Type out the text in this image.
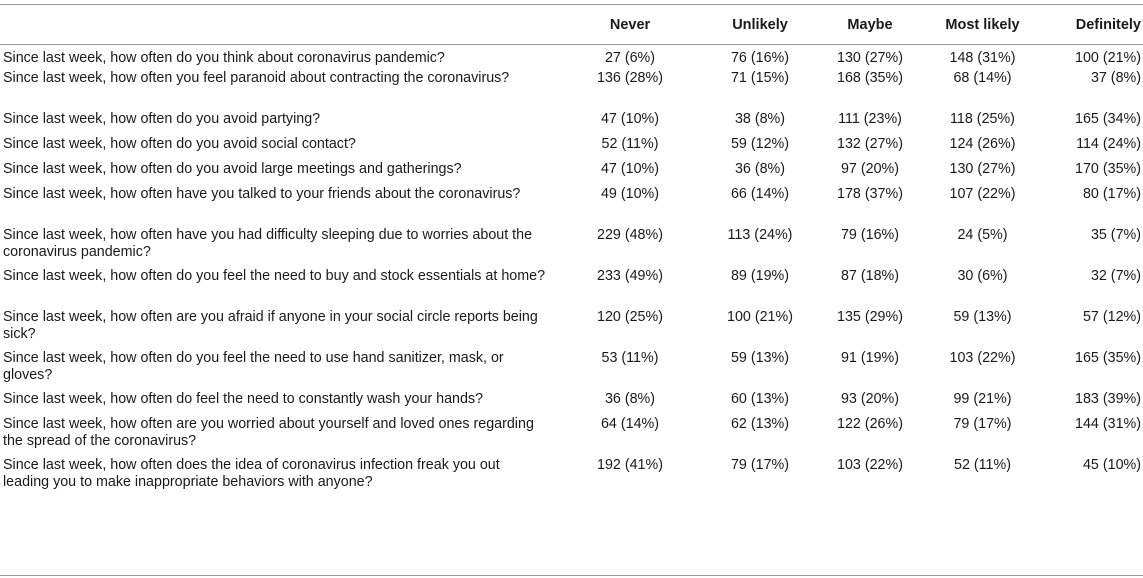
	Never	Unlikely	Maybe	Most likely	Definitely
Since last week, how often do you think about coronavirus pandemic?	27 (6%)	76 (16%)	130 (27%)	148 (31%)	100 (21%)
Since last week, how often you feel paranoid about contracting the coronavirus?	136 (28%)	71 (15%)	168 (35%)	68 (14%)	37 (8%)
Since last week, how often do you avoid partying?	47 (10%)	38 (8%)	111 (23%)	118 (25%)	165 (34%)
Since last week, how often do you avoid social contact?	52 (11%)	59 (12%)	132 (27%)	124 (26%)	114 (24%)
Since last week, how often do you avoid large meetings and gatherings?	47 (10%)	36 (8%)	97 (20%)	130 (27%)	170 (35%)
Since last week, how often have you talked to your friends about the coronavirus?	49 (10%)	66 (14%)	178 (37%)	107 (22%)	80 (17%)
Since last week, how often have you had difficulty sleeping due to worries about the coronavirus pandemic?	229 (48%)	113 (24%)	79 (16%)	24 (5%)	35 (7%)
Since last week, how often do you feel the need to buy and stock essentials at home?	233 (49%)	89 (19%)	87 (18%)	30 (6%)	32 (7%)
Since last week, how often are you afraid if anyone in your social circle reports being sick?	120 (25%)	100 (21%)	135 (29%)	59 (13%)	57 (12%)
Since last week, how often do you feel the need to use hand sanitizer, mask, or gloves?	53 (11%)	59 (13%)	91 (19%)	103 (22%)	165 (35%)
Since last week, how often do feel the need to constantly wash your hands?	36 (8%)	60 (13%)	93 (20%)	99 (21%)	183 (39%)
Since last week, how often are you worried about yourself and loved ones regarding the spread of the coronavirus?	64 (14%)	62 (13%)	122 (26%)	79 (17%)	144 (31%)
Since last week, how often does the idea of coronavirus infection freak you out leading you to make inappropriate behaviors with anyone?	192 (41%)	79 (17%)	103 (22%)	52 (11%)	45 (10%)
